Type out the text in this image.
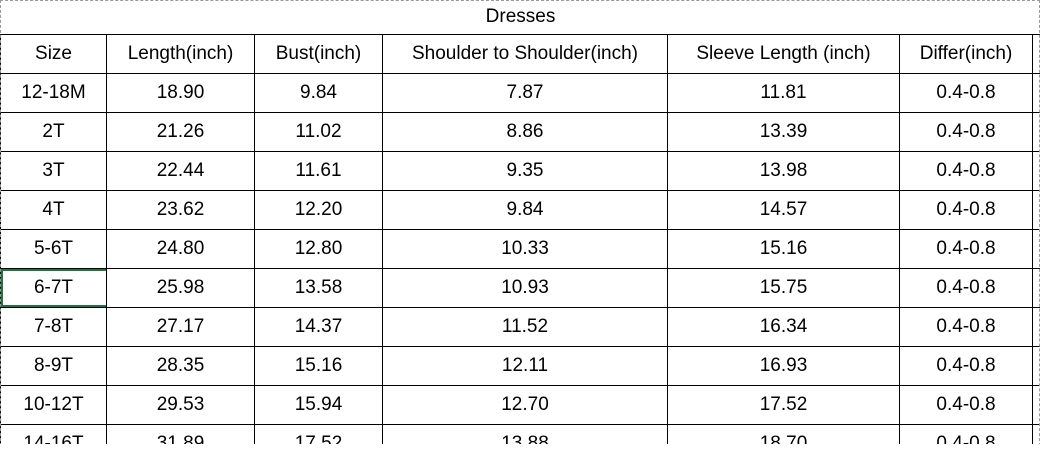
Dresses						
Size	Length(inch)	Bust(inch)	Shoulder to Shoulder(inch)	Sleeve Length (inch)	Differ(inch)	
12-18M	18.90	9.84	7.87	11.81	0.4-0.8	
2T	21.26	11.02	8.86	13.39	0.4-0.8	
3T	22.44	11.61	9.35	13.98	0.4-0.8	
4T	23.62	12.20	9.84	14.57	0.4-0.8	
5-6T	24.80	12.80	10.33	15.16	0.4-0.8	
6-7T	25.98	13.58	10.93	15.75	0.4-0.8	
7-8T	27.17	14.37	11.52	16.34	0.4-0.8	
8-9T	28.35	15.16	12.11	16.93	0.4-0.8	
10-12T	29.53	15.94	12.70	17.52	0.4-0.8	
